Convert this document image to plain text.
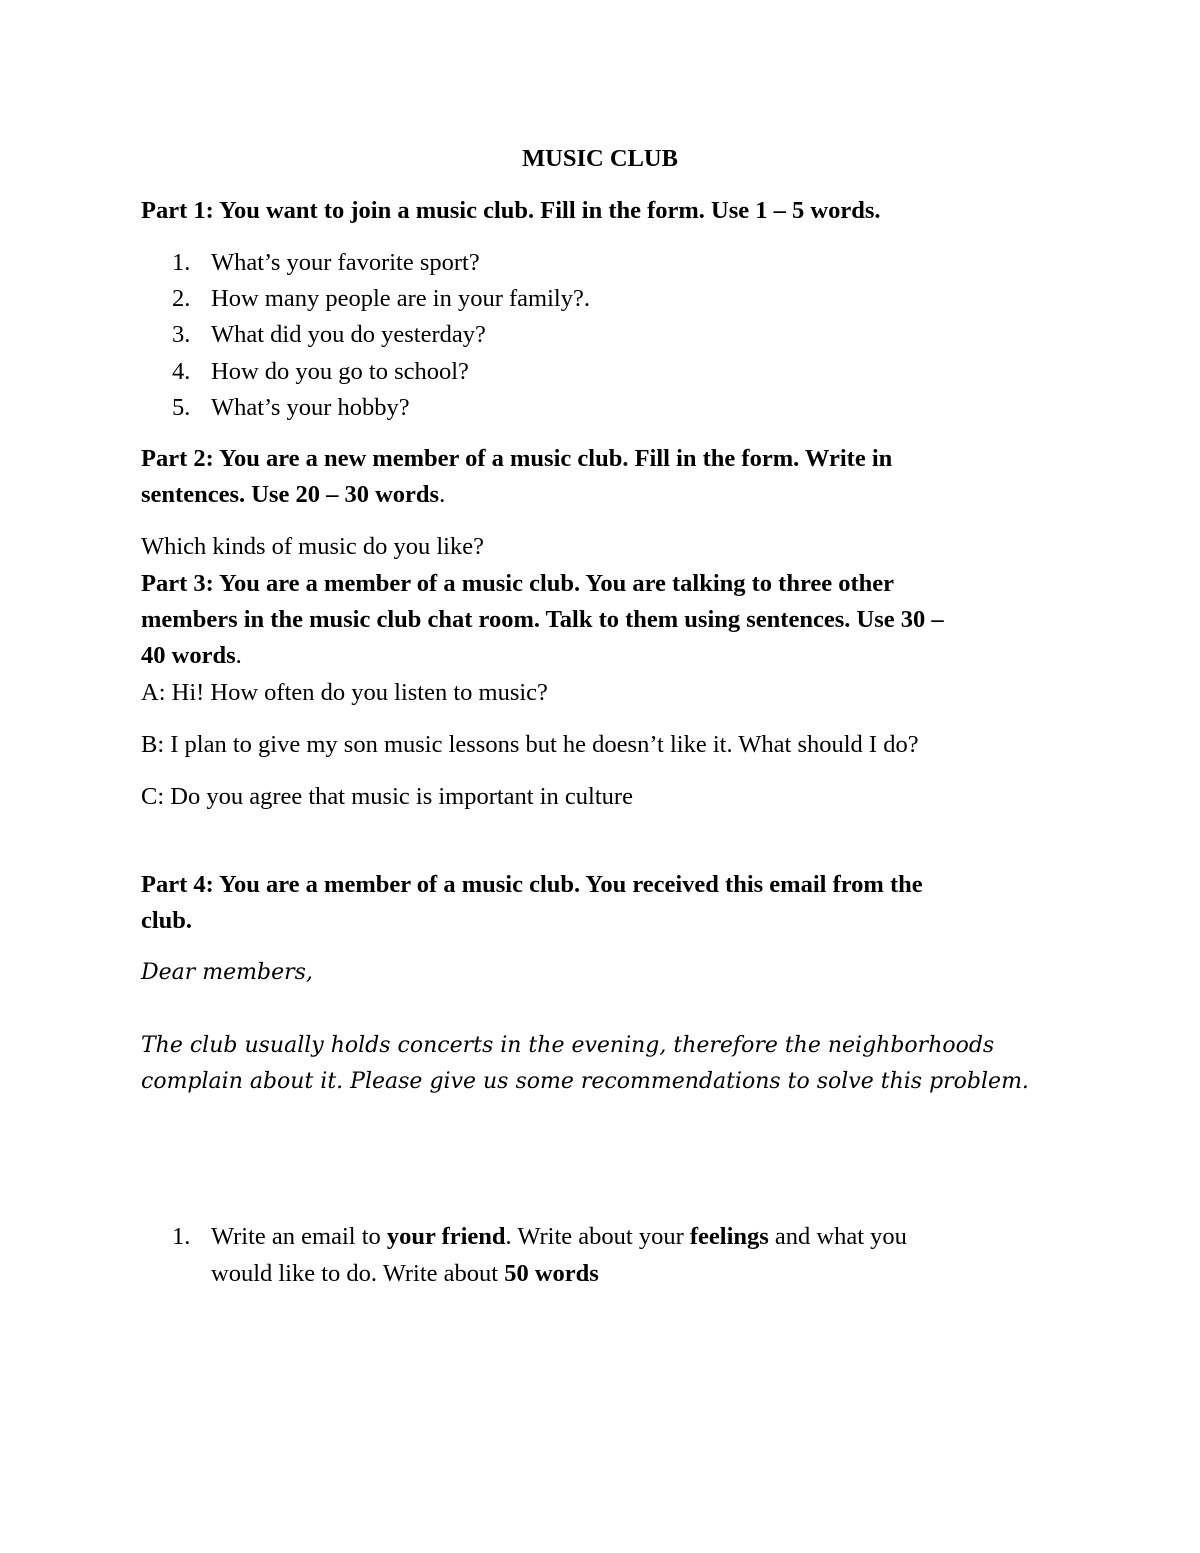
MUSIC CLUB
Part 1: You want to join a music club. Fill in the form. Use 1 – 5 words.
1. What’s your favorite sport?
2. How many people are in your family?.
3. What did you do yesterday?
4. How do you go to school?
5. What’s your hobby?
Part 2: You are a new member of a music club. Fill in the form. Write in
sentences. Use 20 – 30 words.
Which kinds of music do you like?
Part 3: You are a member of a music club. You are talking to three other
members in the music club chat room. Talk to them using sentences. Use 30 –
40 words.
A: Hi! How often do you listen to music?
B: I plan to give my son music lessons but he doesn’t like it. What should I do?
C: Do you agree that music is important in culture
Part 4: You are a member of a music club. You received this email from the
club.
Dear members,
The club usually holds concerts in the evening, therefore the neighborhoods
complain about it. Please give us some recommendations to solve this problem.
1. Write an email to your friend. Write about your feelings and what you
would like to do. Write about 50 words
